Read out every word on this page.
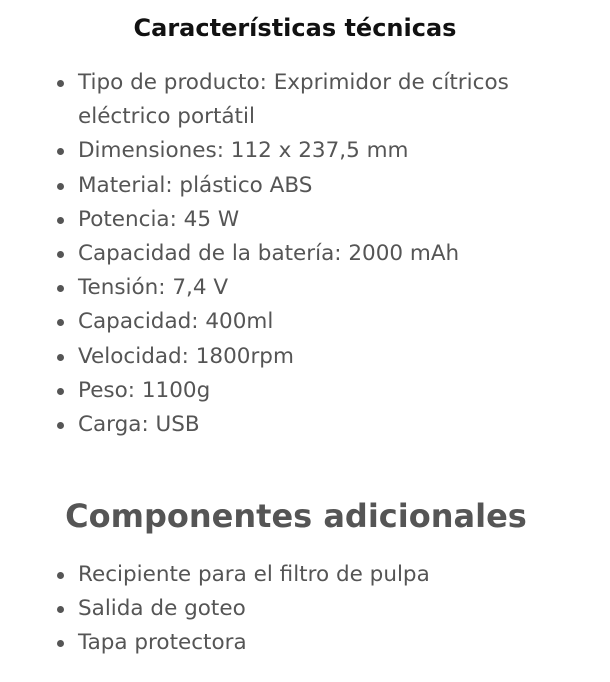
Características técnicas
Tipo de producto: Exprimidor de cítricos eléctrico portátil
Dimensiones: 112 x 237,5 mm
Material: plástico ABS
Potencia: 45 W
Capacidad de la batería: 2000 mAh
Tensión: 7,4 V
Capacidad: 400ml
Velocidad: 1800rpm
Peso: 1100g
Carga: USB
Componentes adicionales
Recipiente para el filtro de pulpa
Salida de goteo
Tapa protectora
